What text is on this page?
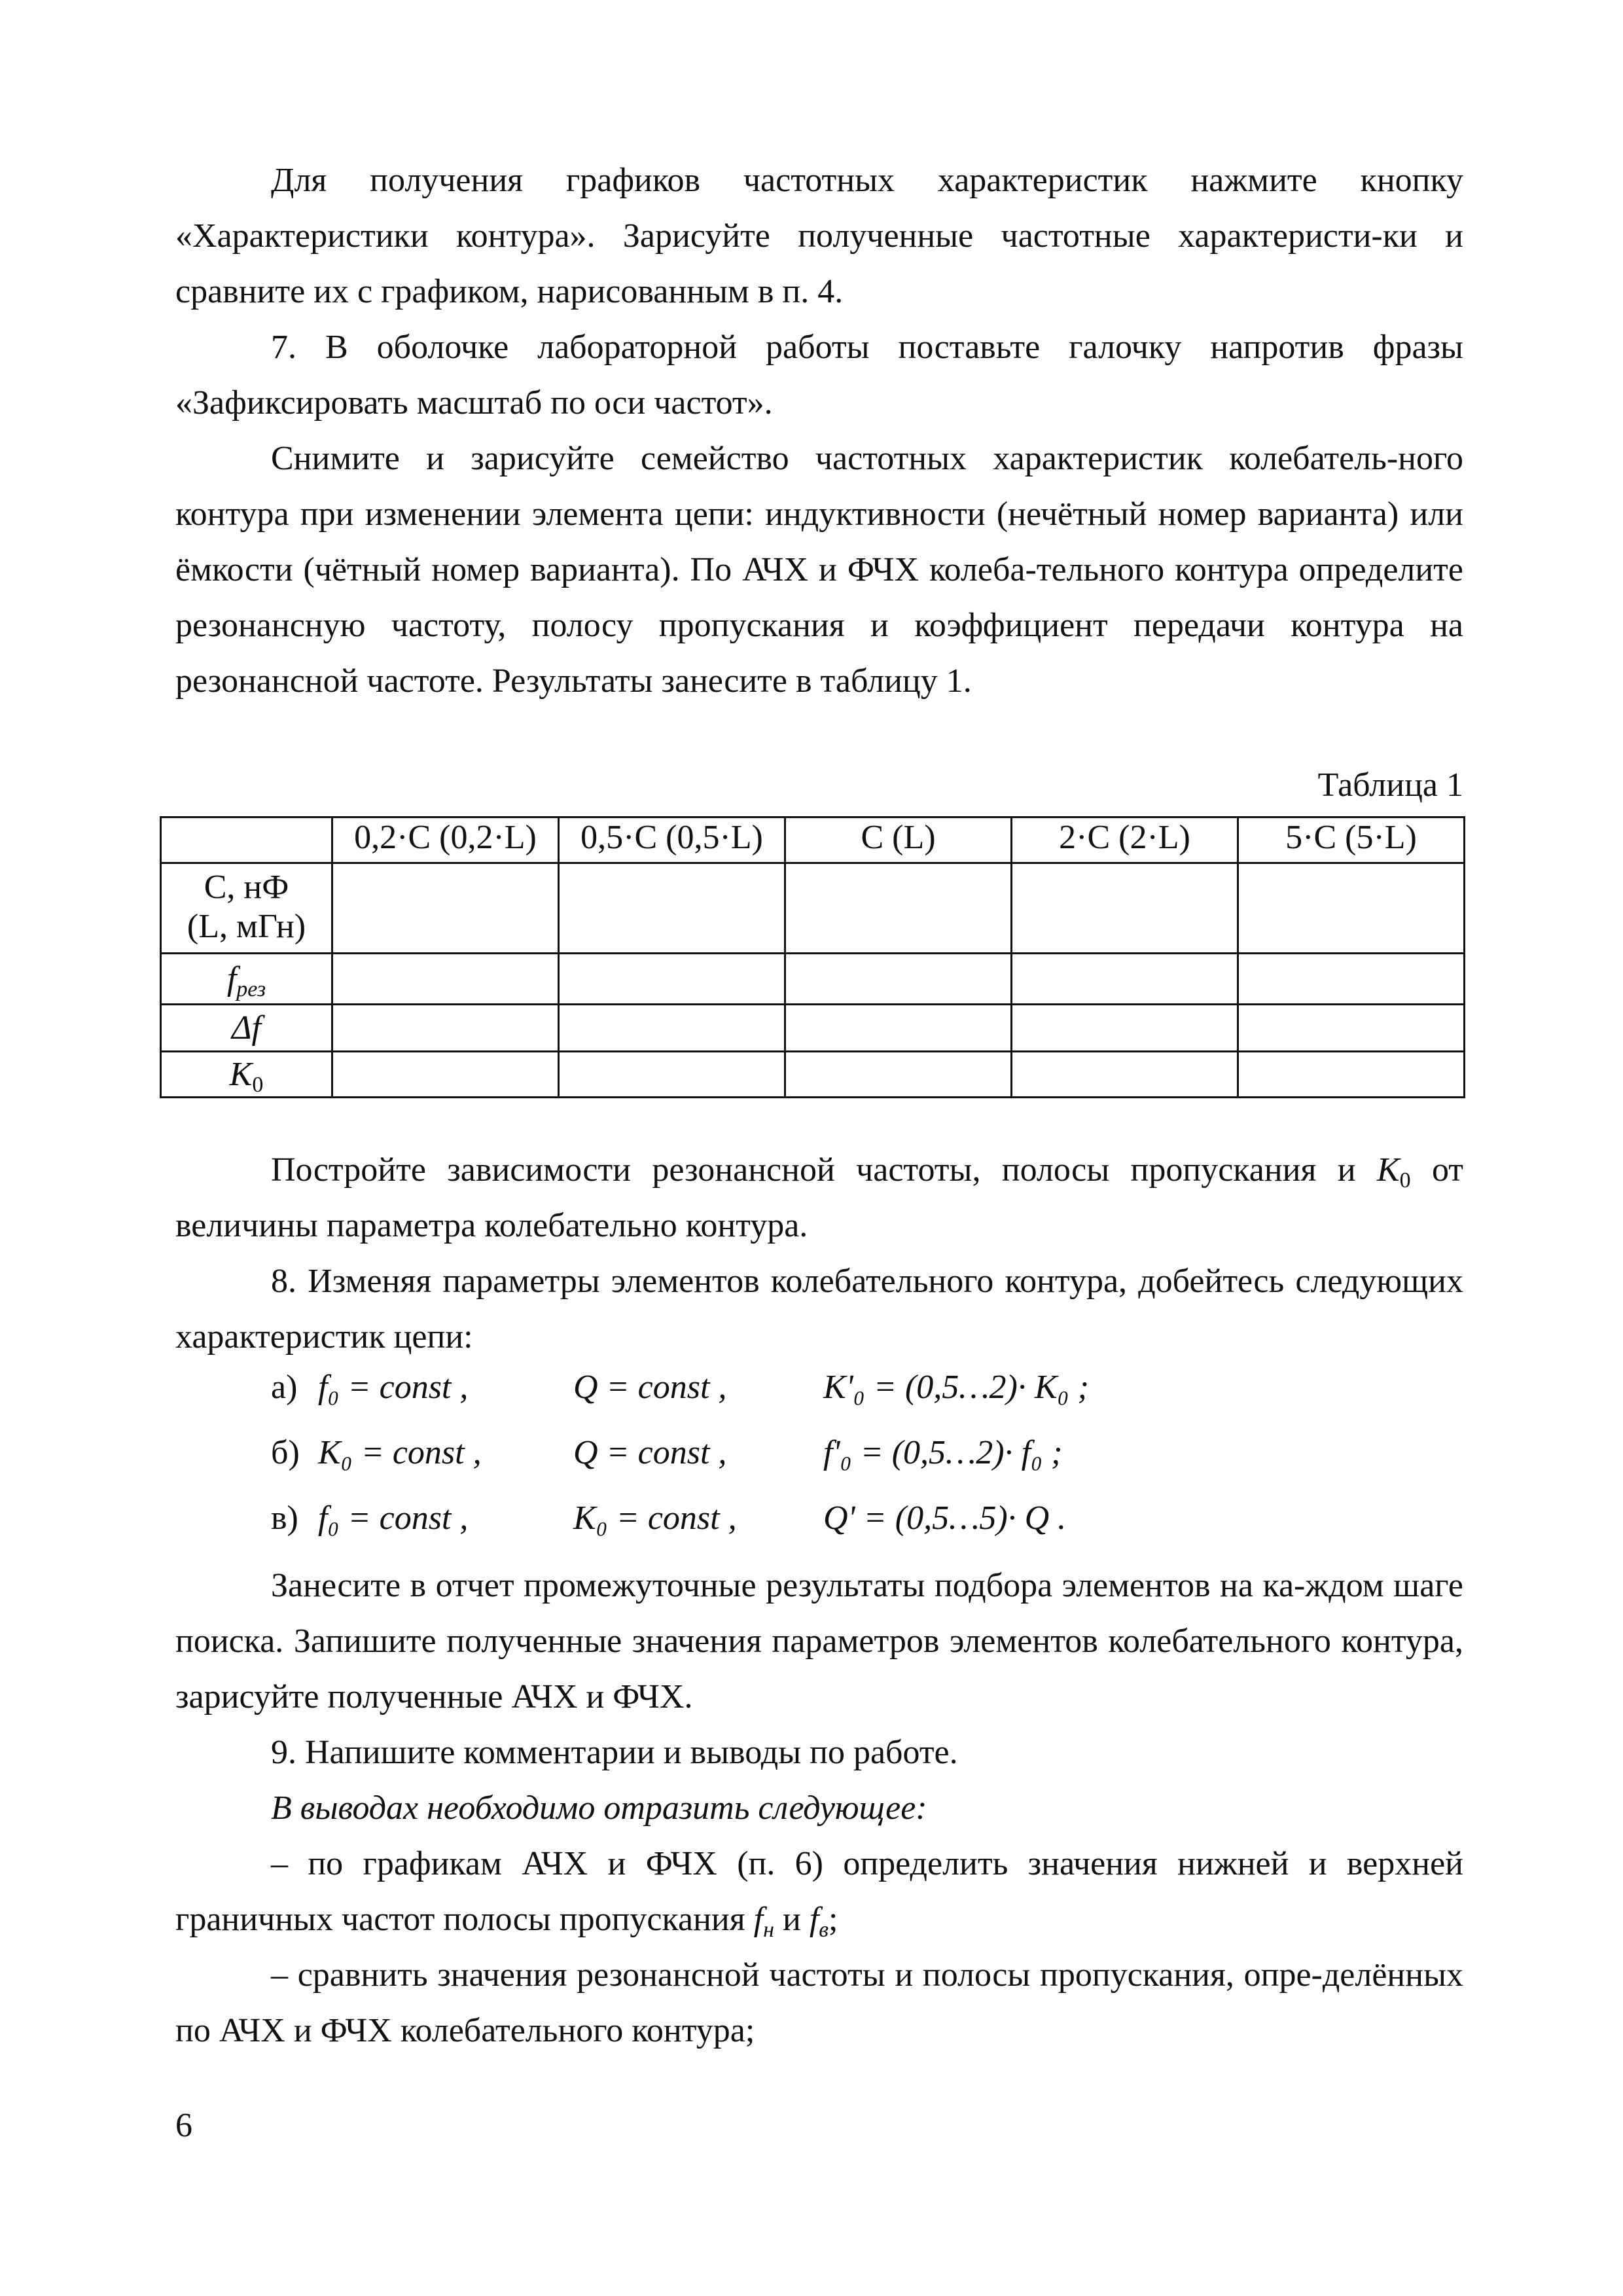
Для получения графиков частотных характеристик нажмите кнопку «Характеристики контура». Зарисуйте полученные частотные характеристи-ки и сравните их с графиком, нарисованным в п. 4.

7. В оболочке лабораторной работы поставьте галочку напротив фразы «Зафиксировать масштаб по оси частот».

Снимите и зарисуйте семейство частотных характеристик колебатель-ного контура при изменении элемента цепи: индуктивности (нечётный номер варианта) или ёмкости (чётный номер варианта). По АЧХ и ФЧХ колеба-тельного контура определите резонансную частоту, полосу пропускания и коэффициент передачи контура на резонансной частоте. Результаты занесите в таблицу 1.

Таблица 1
	0,2·C (0,2·L)	0,5·C (0,5·L)	C (L)	2·C (2·L)	5·C (5·L)

C, нФ
(L, мГн)					

$f_{рез}$					
Δf					
$K_0$					

Постройте зависимости резонансной частоты, полосы пропускания и $K_0$ от величины параметра колебательно контура.

8. Изменяя параметры элементов колебательного контура, добейтесь следующих характеристик цепи:

а) f₀ = const ,	Q = const ,	K'₀ = (0,5…2)· K₀ ;
б) K₀ = const ,	Q = const ,	f'₀ = (0,5…2)· f₀ ;
в) f₀ = const ,	K₀ = const ,	Q' = (0,5…5)· Q .

Занесите в отчет промежуточные результаты подбора элементов на ка-ждом шаге поиска. Запишите полученные значения параметров элементов колебательного контура, зарисуйте полученные АЧХ и ФЧХ.

9. Напишите комментарии и выводы по работе.

В выводах необходимо отразить следующее:

– по графикам АЧХ и ФЧХ (п. 6) определить значения нижней и верхней граничных частот полосы пропускания $f_н$ и $f_в$;

– сравнить значения резонансной частоты и полосы пропускания, опре-делённых по АЧХ и ФЧХ колебательного контура;

6
